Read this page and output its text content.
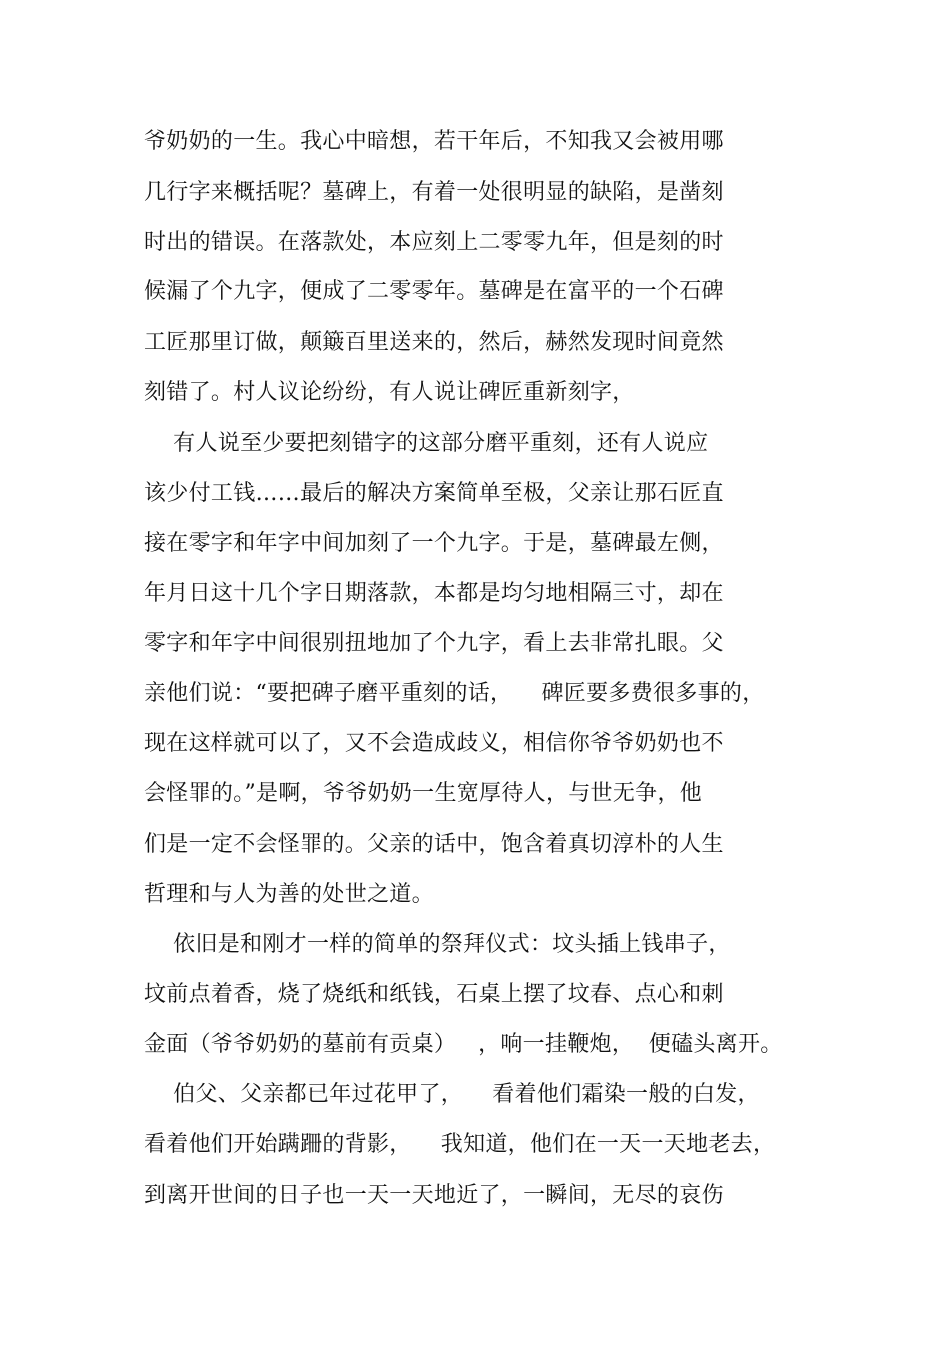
爷奶奶的一生。我心中暗想，若干年后，不知我又会被用哪
几行字来概括呢？墓碑上，有着一处很明显的缺陷，是凿刻
时出的错误。在落款处，本应刻上二零零九年，但是刻的时
候漏了个九字，便成了二零零年。墓碑是在富平的一个石碑
工匠那里订做，颠簸百里送来的，然后，赫然发现时间竟然
刻错了。村人议论纷纷，有人说让碑匠重新刻字，
有人说至少要把刻错字的这部分磨平重刻，还有人说应
该少付工钱……最后的解决方案简单至极，父亲让那石匠直
接在零字和年字中间加刻了一个九字。于是，墓碑最左侧，
年月日这十几个字日期落款，本都是均匀地相隔三寸，却在
零字和年字中间很别扭地加了个九字，看上去非常扎眼。父
亲他们说：“要把碑子磨平重刻的话，    碑匠要多费很多事的，
现在这样就可以了，又不会造成歧义，相信你爷爷奶奶也不
会怪罪的。”是啊，爷爷奶奶一生宽厚待人，与世无争，他
们是一定不会怪罪的。父亲的话中，饱含着真切淳朴的人生
哲理和与人为善的处世之道。
依旧是和刚才一样的简单的祭拜仪式：坟头插上钱串子，
坟前点着香，烧了烧纸和纸钱，石桌上摆了坟春、点心和刺
金面（爷爷奶奶的墓前有贡桌）   ，响一挂鞭炮，  便磕头离开。
伯父、父亲都已年过花甲了，    看着他们霜染一般的白发，
看着他们开始蹒跚的背影，    我知道，他们在一天一天地老去，
到离开世间的日子也一天一天地近了，一瞬间，无尽的哀伤
